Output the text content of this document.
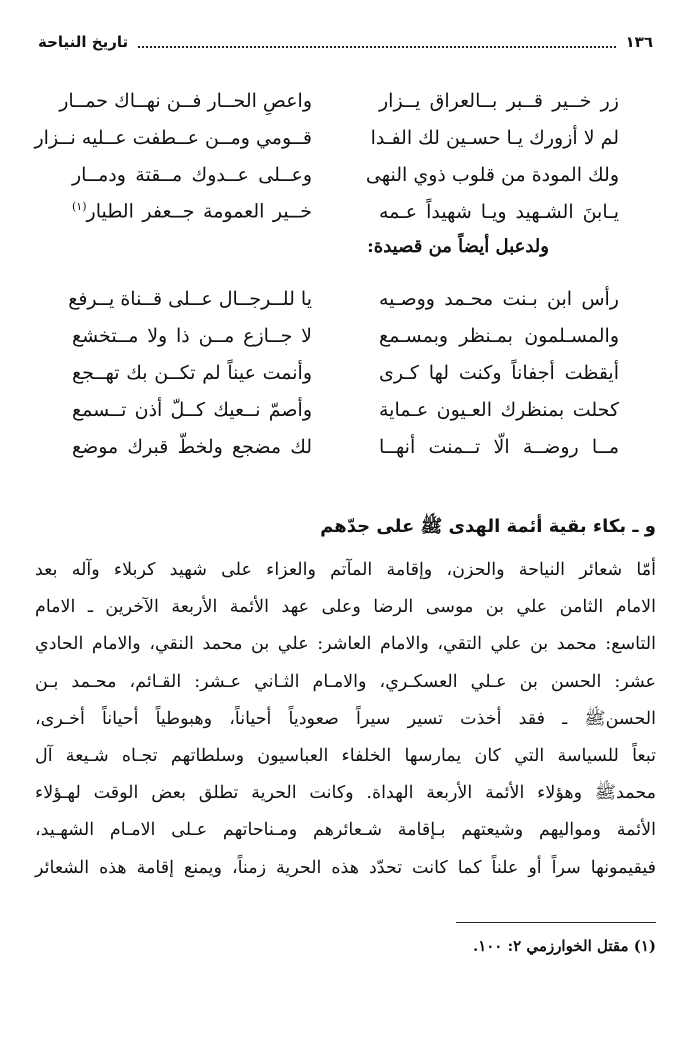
١٣٦
تاريخ النياحة
زر خــير قــبر بــالعراق يــزار
واعصِ الحــار فــن نهــاك حمــار
لم لا أزورك يـا حسـين لك الفـدا
قــومي ومــن عــطفت عــليه نــزار
ولك المودة من قلوب ذوي النهى
وعــلى عــدوك مــقتة ودمــار
يـابنَ الشـهيد ويـا شهيداً عـمه
خــير العمومة جــعفر الطيار$^{(١)}$
ولدعبل أيضاً من قصيدة:
رأس ابن بـنت محـمد ووصـيه
يا للــرجــال عــلى قــناة يــرفع
والمسـلمون بمـنظر وبمسـمع
لا جــازع مــن ذا ولا مــتخشع
أيقظت أجفاناً وكنت لها كـرى
وأنمت عيناً لم تكــن بك تهــجع
كحلت بمنظرك العـيون عـماية
وأصمّ نــعيك كــلّ أذن تــسمع
مــا روضــة الّا تــمنت أنهــا
لك مضجع ولخطّ قبرك موضع
و ـ بكاء بقية أئمة الهدى ﷺ على جدّهم

أمّا شعائر النياحة والحزن، وإقامة المآتم والعزاء على شهيد كربلاء وآله بعد

الامام الثامن علي بن موسى الرضا وعلى عهد الأئمة الأربعة الآخرين ـ الامام

التاسع: محمد بن علي التقي، والامام العاشر: علي بن محمد النقي، والامام الحادي

عشر: الحسن بن عـلي العسكـري، والامـام الثـاني عـشر: القـائم، محـمد بـن

الحسنﷺ ـ فقد أخذت تسير سيراً صعودياً أحياناً، وهبوطياً أحياناً أخـرى،

تبعاً للسياسة التي كان يمارسها الخلفاء العباسيون وسلطاتهم تجـاه شـيعة آل

محمدﷺ وهؤلاء الأئمة الأربعة الهداة. وكانت الحرية تطلق بعض الوقت لهـؤلاء

الأئمة ومواليهم وشيعتهم بـإقامة شـعائرهم ومـناحاتهم عـلى الامـام الشهـيد،

فيقيمونها سراً أو علناً كما كانت تحدّد هذه الحرية زمناً، ويمنع إقامة هذه الشعائر

(١) مقتل الخوارزمي ٢: ١٠٠.
